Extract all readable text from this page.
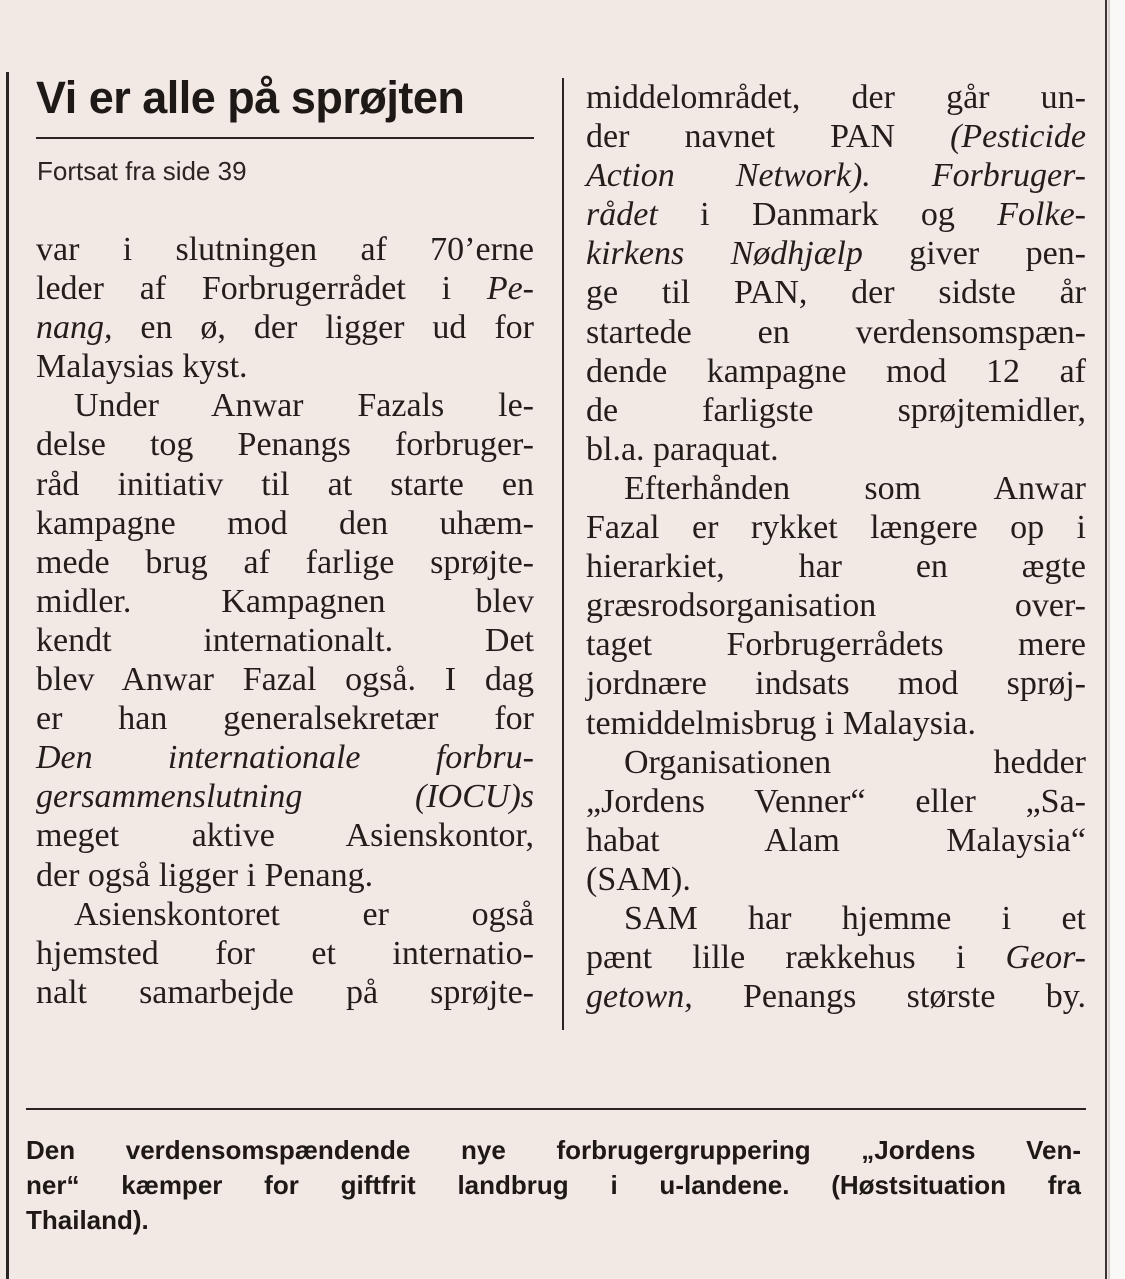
Vi er alle på sprøjten
Fortsat fra side 39
var i slutningen af 70’erne
leder af Forbrugerrådet i Pe-
nang, en ø, der ligger ud for
Malaysias kyst.
Under Anwar Fazals le-
delse tog Penangs forbruger-
råd initiativ til at starte en
kampagne mod den uhæm-
mede brug af farlige sprøjte-
midler. Kampagnen blev
kendt internationalt. Det
blev Anwar Fazal også. I dag
er han generalsekretær for
Den internationale forbru-
gersammenslutning (IOCU)s
meget aktive Asienskontor,
der også ligger i Penang.
Asienskontoret er også
hjemsted for et internatio-
nalt samarbejde på sprøjte-
middelområdet, der går un-
der navnet PAN (Pesticide
Action Network). Forbruger-
rådet i Danmark og Folke-
kirkens Nødhjælp giver pen-
ge til PAN, der sidste år
startede en verdensomspæn-
dende kampagne mod 12 af
de farligste sprøjtemidler,
bl.a. paraquat.
Efterhånden som Anwar
Fazal er rykket længere op i
hierarkiet, har en ægte
græsrodsorganisation over-
taget Forbrugerrådets mere
jordnære indsats mod sprøj-
temiddelmisbrug i Malaysia.
Organisationen hedder
„Jordens Venner“ eller „Sa-
habat Alam Malaysia“
(SAM).
SAM har hjemme i et
pænt lille rækkehus i Geor-
getown, Penangs største by.
Den verdensomspændende nye forbrugergruppering „Jordens Ven-
ner“ kæmper for giftfrit landbrug i u-landene. (Høstsituation fra
Thailand).
